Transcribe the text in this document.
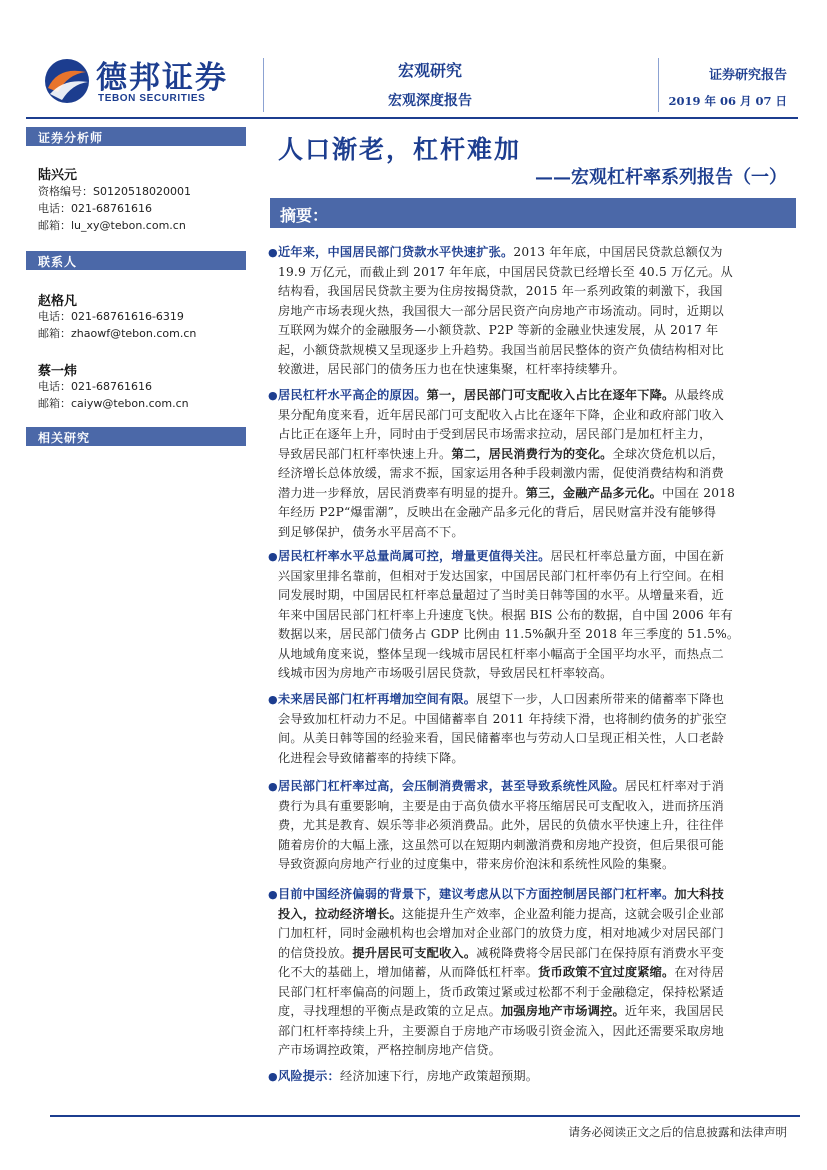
德邦证券
TEBON SECURITIES
宏观研究
宏观深度报告
证券研究报告
2019 年 06 月 07 日
证券分析师
陆兴元
资格编号：S0120518020001
电话：021-68761616
邮箱：lu_xy@tebon.com.cn
联系人
赵格凡
电话：021-68761616-6319
邮箱：zhaowf@tebon.com.cn
蔡一炜
电话：021-68761616
邮箱：caiyw@tebon.com.cn
相关研究
人口渐老，杠杆难加
——宏观杠杆率系列报告（一）
摘要：
● 近年来，中国居民部门贷款水平快速扩张。2013 年年底，中国居民贷款总额仅为
19.9 万亿元，而截止到 2017 年年底，中国居民贷款已经增长至 40.5 万亿元。从
结构看，我国居民贷款主要为住房按揭贷款，2015 年一系列政策的刺激下，我国
房地产市场表现火热，我国很大一部分居民资产向房地产市场流动。同时，近期以
互联网为媒介的金融服务—小额贷款、P2P 等新的金融业快速发展，从 2017 年
起，小额贷款规模又呈现逐步上升趋势。我国当前居民整体的资产负债结构相对比
较激进，居民部门的债务压力也在快速集聚，杠杆率持续攀升。
● 居民杠杆水平高企的原因。第一，居民部门可支配收入占比在逐年下降。从最终成
果分配角度来看，近年居民部门可支配收入占比在逐年下降，企业和政府部门收入
占比正在逐年上升，同时由于受到居民市场需求拉动，居民部门是加杠杆主力，
导致居民部门杠杆率快速上升。第二，居民消费行为的变化。全球次贷危机以后，
经济增长总体放缓，需求不振，国家运用各种手段刺激内需，促使消费结构和消费
潜力进一步释放，居民消费率有明显的提升。第三，金融产品多元化。中国在 2018
年经历 P2P“爆雷潮”，反映出在金融产品多元化的背后，居民财富并没有能够得
到足够保护，债务水平居高不下。
● 居民杠杆率水平总量尚属可控，增量更值得关注。居民杠杆率总量方面，中国在新
兴国家里排名靠前，但相对于发达国家，中国居民部门杠杆率仍有上行空间。在相
同发展时期，中国居民杠杆率总量超过了当时美日韩等国的水平。从增量来看，近
年来中国居民部门杠杆率上升速度飞快。根据 BIS 公布的数据，自中国 2006 年有
数据以来，居民部门债务占 GDP 比例由 11.5%飙升至 2018 年三季度的 51.5%。
从地域角度来说，整体呈现一线城市居民杠杆率小幅高于全国平均水平，而热点二
线城市因为房地产市场吸引居民贷款，导致居民杠杆率较高。
● 未来居民部门杠杆再增加空间有限。展望下一步，人口因素所带来的储蓄率下降也
会导致加杠杆动力不足。中国储蓄率自 2011 年持续下滑，也将制约债务的扩张空
间。从美日韩等国的经验来看，国民储蓄率也与劳动人口呈现正相关性，人口老龄
化进程会导致储蓄率的持续下降。
● 居民部门杠杆率过高，会压制消费需求，甚至导致系统性风险。居民杠杆率对于消
费行为具有重要影响，主要是由于高负债水平将压缩居民可支配收入，进而挤压消
费，尤其是教育、娱乐等非必须消费品。此外，居民的负债水平快速上升，往往伴
随着房价的大幅上涨，这虽然可以在短期内刺激消费和房地产投资，但后果很可能
导致资源向房地产行业的过度集中，带来房价泡沫和系统性风险的集聚。
● 目前中国经济偏弱的背景下，建议考虑从以下方面控制居民部门杠杆率。加大科技
投入，拉动经济增长。这能提升生产效率，企业盈利能力提高，这就会吸引企业部
门加杠杆，同时金融机构也会增加对企业部门的放贷力度，相对地减少对居民部门
的信贷投放。提升居民可支配收入。减税降费将令居民部门在保持原有消费水平变
化不大的基础上，增加储蓄，从而降低杠杆率。货币政策不宜过度紧缩。在对待居
民部门杠杆率偏高的问题上，货币政策过紧或过松都不利于金融稳定，保持松紧适
度，寻找理想的平衡点是政策的立足点。加强房地产市场调控。近年来，我国居民
部门杠杆率持续上升，主要源自于房地产市场吸引资金流入，因此还需要采取房地
产市场调控政策，严格控制房地产信贷。
● 风险提示：经济加速下行，房地产政策超预期。
请务必阅读正文之后的信息披露和法律声明
